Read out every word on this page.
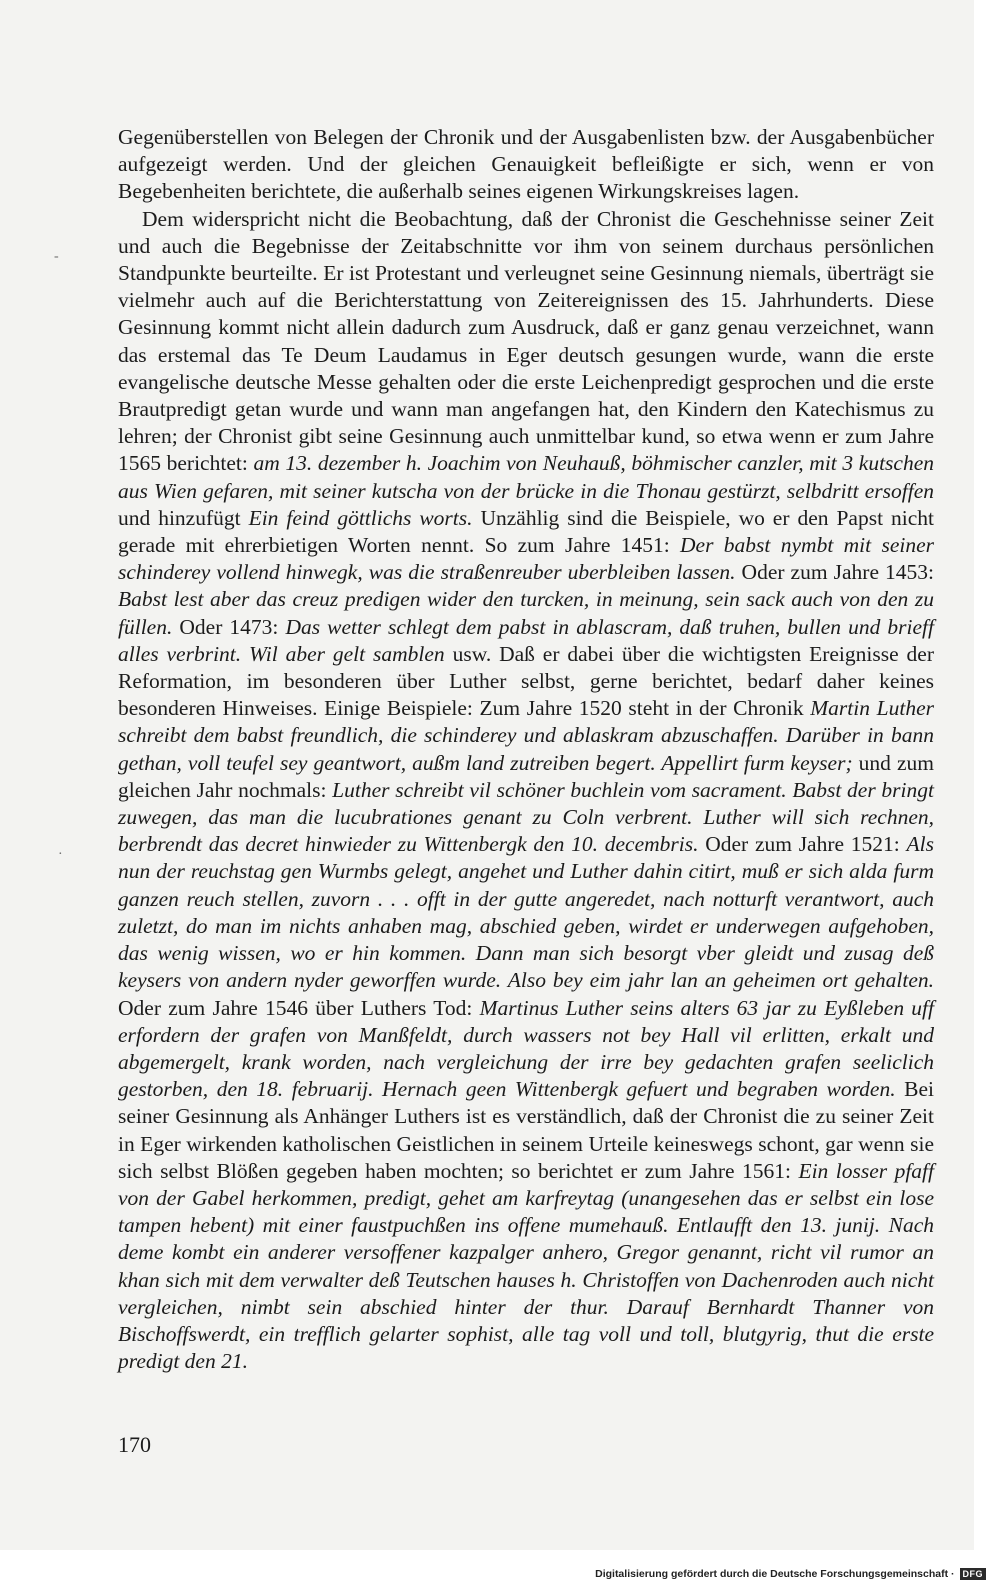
Gegenüberstellen von Belegen der Chronik und der Ausgabenlisten bzw. der Ausgabenbücher aufgezeigt werden. Und der gleichen Genauigkeit befleißigte er sich, wenn er von Begebenheiten berichtete, die außerhalb seines eigenen Wirkungskreises lagen.

Dem widerspricht nicht die Beobachtung, daß der Chronist die Geschehnisse seiner Zeit und auch die Begebnisse der Zeitabschnitte vor ihm von seinem durchaus persönlichen Standpunkte beurteilte. Er ist Protestant und verleugnet seine Gesinnung niemals, überträgt sie vielmehr auch auf die Berichterstattung von Zeitereignissen des 15. Jahrhunderts. Diese Gesinnung kommt nicht allein dadurch zum Ausdruck, daß er ganz genau verzeichnet, wann das erstemal das Te Deum Laudamus in Eger deutsch gesungen wurde, wann die erste evangelische deutsche Messe gehalten oder die erste Leichenpredigt gesprochen und die erste Brautpredigt getan wurde und wann man angefangen hat, den Kindern den Katechismus zu lehren; der Chronist gibt seine Gesinnung auch unmittelbar kund, so etwa wenn er zum Jahre 1565 berichtet: am 13. dezember h. Joachim von Neuhauß, böhmischer canzler, mit 3 kutschen aus Wien gefaren, mit seiner kutscha von der brücke in die Thonau gestürzt, selbdritt ersoffen und hinzufügt Ein feind göttlichs worts. Unzählig sind die Beispiele, wo er den Papst nicht gerade mit ehrerbietigen Worten nennt. So zum Jahre 1451: Der babst nymbt mit seiner schinderey vollend hinwegk, was die straßenreuber uberbleiben lassen. Oder zum Jahre 1453: Babst lest aber das creuz predigen wider den turcken, in meinung, sein sack auch von den zu füllen. Oder 1473: Das wetter schlegt dem pabst in ablascram, daß truhen, bullen und brieff alles verbrint. Wil aber gelt samblen usw. Daß er dabei über die wichtigsten Ereignisse der Reformation, im besonderen über Luther selbst, gerne berichtet, bedarf daher keines besonderen Hinweises. Einige Beispiele: Zum Jahre 1520 steht in der Chronik Martin Luther schreibt dem babst freundlich, die schinderey und ablaskram abzuschaffen. Darüber in bann gethan, voll teufel sey geantwort, außm land zutreiben begert. Appellirt furm keyser; und zum gleichen Jahr nochmals: Luther schreibt vil schöner buchlein vom sacrament. Babst der bringt zuwegen, das man die lucubrationes genant zu Coln verbrent. Luther will sich rechnen, berbrendt das decret hinwieder zu Wittenbergk den 10. decembris. Oder zum Jahre 1521: Als nun der reuchstag gen Wurmbs gelegt, angehet und Luther dahin citirt, muß er sich alda furm ganzen reuch stellen, zuvorn . . . offt in der gutte angeredet, nach notturft verantwort, auch zuletzt, do man im nichts anhaben mag, abschied geben, wirdet er underwegen aufgehoben, das wenig wissen, wo er hin kommen. Dann man sich besorgt vber gleidt und zusag deß keysers von andern nyder geworffen wurde. Also bey eim jahr lan an geheimen ort gehalten. Oder zum Jahre 1546 über Luthers Tod: Martinus Luther seins alters 63 jar zu Eyßleben uff erfordern der grafen von Manßfeldt, durch wassers not bey Hall vil erlitten, erkalt und abgemergelt, krank worden, nach vergleichung der irre bey gedachten grafen seeliclich gestorben, den 18. februarij. Hernach geen Wittenbergk gefuert und begraben worden. Bei seiner Gesinnung als Anhänger Luthers ist es verständlich, daß der Chronist die zu seiner Zeit in Eger wirkenden katholischen Geistlichen in seinem Urteile keineswegs schont, gar wenn sie sich selbst Blößen gegeben haben mochten; so berichtet er zum Jahre 1561: Ein losser pfaff von der Gabel herkommen, predigt, gehet am karfreytag (unangesehen das er selbst ein lose tampen hebent) mit einer faustpuchßen ins offene mumehauß. Entlaufft den 13. junij. Nach deme kombt ein anderer versoffener kazpalger anhero, Gregor genannt, richt vil rumor an khan sich mit dem verwalter deß Teutschen hauses h. Christoffen von Dachenroden auch nicht vergleichen, nimbt sein abschied hinter der thur. Darauf Bernhardt Thanner von Bischoffswerdt, ein trefflich gelarter sophist, alle tag voll und toll, blutgyrig, thut die erste predigt den 21.

-
·
170
Digitalisierung gefördert durch die Deutsche Forschungsgemeinschaft · DFG
